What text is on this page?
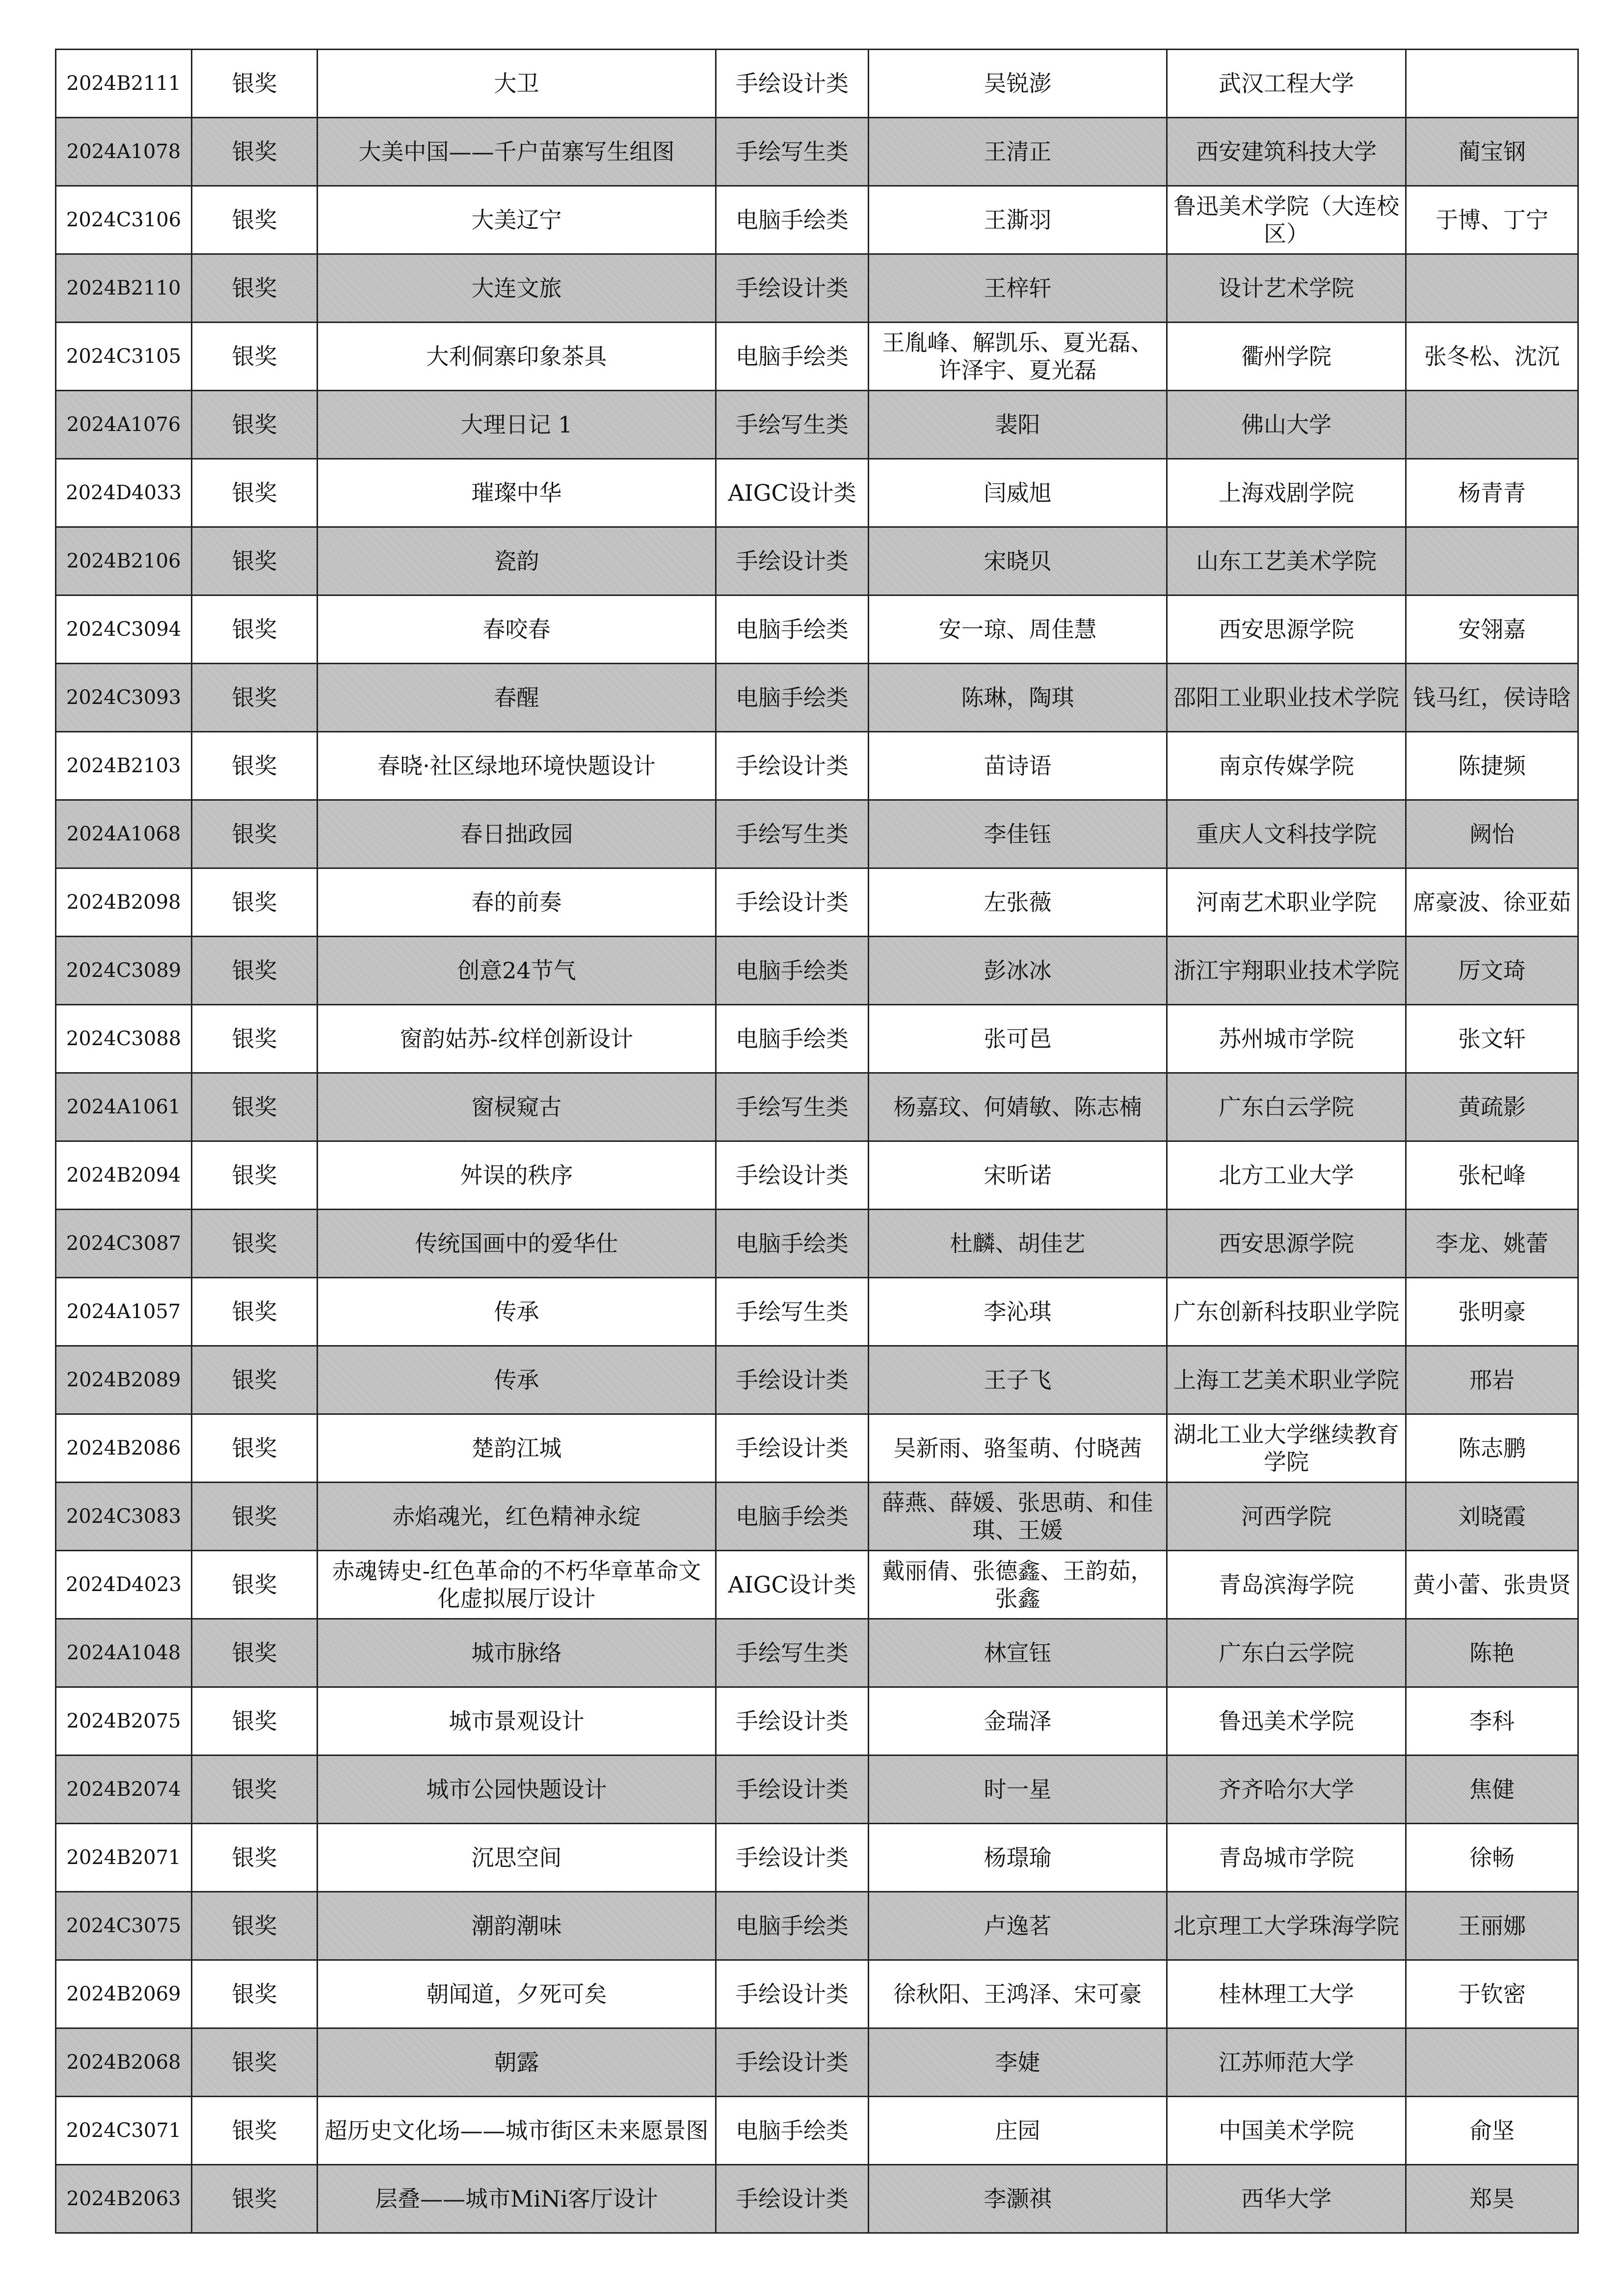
2024B2111	银奖	大卫	手绘设计类	吴锐澎	武汉工程大学	
2024A1078	银奖	大美中国——千户苗寨写生组图	手绘写生类	王清正	西安建筑科技大学	蔺宝钢
2024C3106	银奖	大美辽宁	电脑手绘类	王澌羽	鲁迅美术学院（大连校区）	于博、丁宁
2024B2110	银奖	大连文旅	手绘设计类	王梓轩	设计艺术学院	
2024C3105	银奖	大利侗寨印象茶具	电脑手绘类	王胤峰、解凯乐、夏光磊、许泽宇、夏光磊	衢州学院	张冬松、沈沉
2024A1076	银奖	大理日记 1	手绘写生类	裴阳	佛山大学	
2024D4033	银奖	璀璨中华	AIGC设计类	闫威旭	上海戏剧学院	杨青青
2024B2106	银奖	瓷韵	手绘设计类	宋晓贝	山东工艺美术学院	
2024C3094	银奖	春咬春	电脑手绘类	安一琼、周佳慧	西安思源学院	安翎嘉
2024C3093	银奖	春醒	电脑手绘类	陈琳，陶琪	邵阳工业职业技术学院	钱马红，侯诗晗
2024B2103	银奖	春晓·社区绿地环境快题设计	手绘设计类	苗诗语	南京传媒学院	陈捷频
2024A1068	银奖	春日拙政园	手绘写生类	李佳钰	重庆人文科技学院	阙怡
2024B2098	银奖	春的前奏	手绘设计类	左张薇	河南艺术职业学院	席豪波、徐亚茹
2024C3089	银奖	创意24节气	电脑手绘类	彭冰冰	浙江宇翔职业技术学院	厉文琦
2024C3088	银奖	窗韵姑苏-纹样创新设计	电脑手绘类	张可邑	苏州城市学院	张文轩
2024A1061	银奖	窗棂窥古	手绘写生类	杨嘉玟、何婧敏、陈志楠	广东白云学院	黄疏影
2024B2094	银奖	舛误的秩序	手绘设计类	宋昕诺	北方工业大学	张杞峰
2024C3087	银奖	传统国画中的爱华仕	电脑手绘类	杜麟、胡佳艺	西安思源学院	李龙、姚蕾
2024A1057	银奖	传承	手绘写生类	李沁琪	广东创新科技职业学院	张明豪
2024B2089	银奖	传承	手绘设计类	王子飞	上海工艺美术职业学院	邢岩
2024B2086	银奖	楚韵江城	手绘设计类	吴新雨、骆玺萌、付晓茜	湖北工业大学继续教育学院	陈志鹏
2024C3083	银奖	赤焰魂光，红色精神永绽	电脑手绘类	薛燕、薛媛、张思萌、和佳琪、王媛	河西学院	刘晓霞
2024D4023	银奖	赤魂铸史-红色革命的不朽华章革命文化虚拟展厅设计	AIGC设计类	戴丽倩、张德鑫、王韵茹，张鑫	青岛滨海学院	黄小蕾、张贵贤
2024A1048	银奖	城市脉络	手绘写生类	林宣钰	广东白云学院	陈艳
2024B2075	银奖	城市景观设计	手绘设计类	金瑞泽	鲁迅美术学院	李科
2024B2074	银奖	城市公园快题设计	手绘设计类	时一星	齐齐哈尔大学	焦健
2024B2071	银奖	沉思空间	手绘设计类	杨璟瑜	青岛城市学院	徐畅
2024C3075	银奖	潮韵潮味	电脑手绘类	卢逸茗	北京理工大学珠海学院	王丽娜
2024B2069	银奖	朝闻道，夕死可矣	手绘设计类	徐秋阳、王鸿泽、宋可豪	桂林理工大学	于钦密
2024B2068	银奖	朝露	手绘设计类	李婕	江苏师范大学	
2024C3071	银奖	超历史文化场——城市街区未来愿景图	电脑手绘类	庄园	中国美术学院	俞坚
2024B2063	银奖	层叠——城市MiNi客厅设计	手绘设计类	李灏祺	西华大学	郑昊
